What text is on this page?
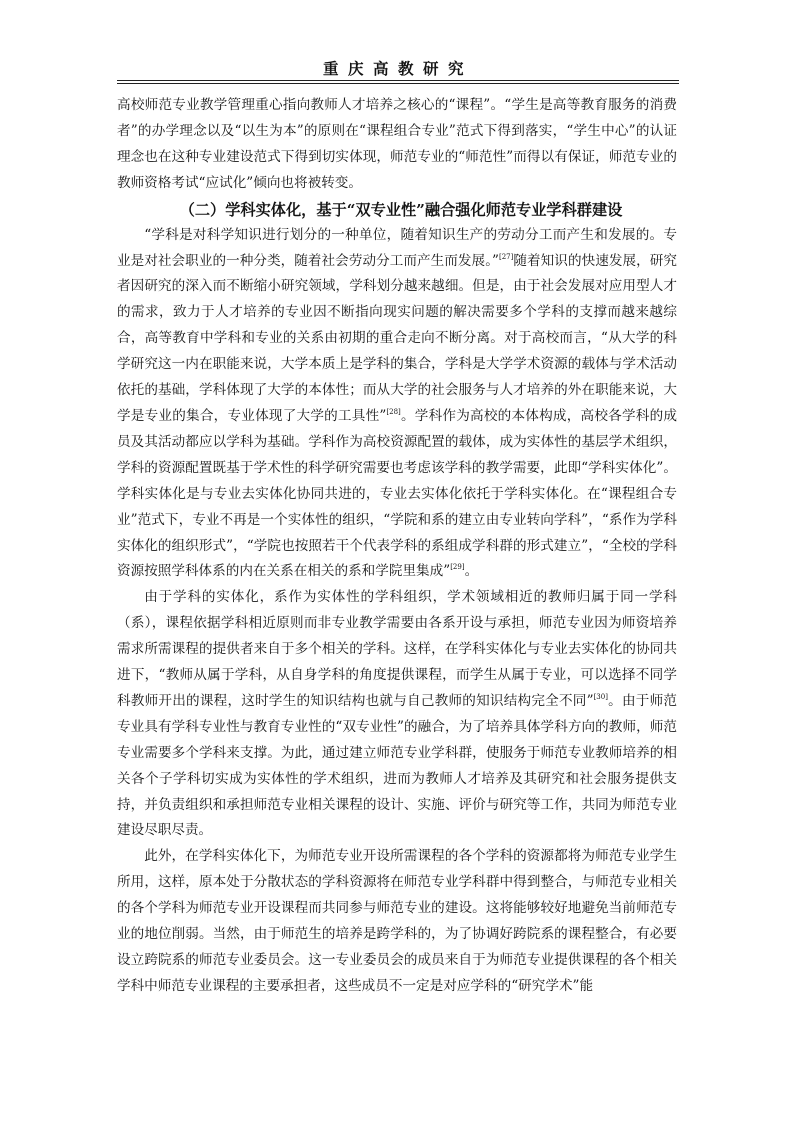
重庆高教研究

高校师范专业教学管理重心指向教师人才培养之核心的“课程”。“学生是高等教育服务的消费者”的办学理念以及“以生为本”的原则在“课程组合专业”范式下得到落实，“学生中心”的认证理念也在这种专业建设范式下得到切实体现，师范专业的“师范性”而得以有保证，师范专业的教师资格考试“应试化”倾向也将被转变。

（二）学科实体化，基于“双专业性”融合强化师范专业学科群建设

“学科是对科学知识进行划分的一种单位，随着知识生产的劳动分工而产生和发展的。专业是对社会职业的一种分类，随着社会劳动分工而产生而发展。”[27]随着知识的快速发展，研究者因研究的深入而不断缩小研究领域，学科划分越来越细。但是，由于社会发展对应用型人才的需求，致力于人才培养的专业因不断指向现实问题的解决需要多个学科的支撑而越来越综合，高等教育中学科和专业的关系由初期的重合走向不断分离。对于高校而言，“从大学的科学研究这一内在职能来说，大学本质上是学科的集合，学科是大学学术资源的载体与学术活动依托的基础，学科体现了大学的本体性；而从大学的社会服务与人才培养的外在职能来说，大学是专业的集合，专业体现了大学的工具性”[28]。学科作为高校的本体构成，高校各学科的成员及其活动都应以学科为基础。学科作为高校资源配置的载体，成为实体性的基层学术组织，学科的资源配置既基于学术性的科学研究需要也考虑该学科的教学需要，此即“学科实体化”。学科实体化是与专业去实体化协同共进的，专业去实体化依托于学科实体化。在“课程组合专业”范式下，专业不再是一个实体性的组织，“学院和系的建立由专业转向学科”，“系作为学科实体化的组织形式”，“学院也按照若干个代表学科的系组成学科群的形式建立”，“全校的学科资源按照学科体系的内在关系在相关的系和学院里集成”[29]。

由于学科的实体化，系作为实体性的学科组织，学术领域相近的教师归属于同一学科（系），课程依据学科相近原则而非专业教学需要由各系开设与承担，师范专业因为师资培养需求所需课程的提供者来自于多个相关的学科。这样，在学科实体化与专业去实体化的协同共进下，“教师从属于学科，从自身学科的角度提供课程，而学生从属于专业，可以选择不同学科教师开出的课程，这时学生的知识结构也就与自己教师的知识结构完全不同”[30]。由于师范专业具有学科专业性与教育专业性的“双专业性”的融合，为了培养具体学科方向的教师，师范专业需要多个学科来支撑。为此，通过建立师范专业学科群，使服务于师范专业教师培养的相关各个子学科切实成为实体性的学术组织，进而为教师人才培养及其研究和社会服务提供支持，并负责组织和承担师范专业相关课程的设计、实施、评价与研究等工作，共同为师范专业建设尽职尽责。

此外，在学科实体化下，为师范专业开设所需课程的各个学科的资源都将为师范专业学生所用，这样，原本处于分散状态的学科资源将在师范专业学科群中得到整合，与师范专业相关的各个学科为师范专业开设课程而共同参与师范专业的建设。这将能够较好地避免当前师范专业的地位削弱。当然，由于师范生的培养是跨学科的，为了协调好跨院系的课程整合，有必要设立跨院系的师范专业委员会。这一专业委员会的成员来自于为师范专业提供课程的各个相关学科中师范专业课程的主要承担者，这些成员不一定是对应学科的“研究学术”能
